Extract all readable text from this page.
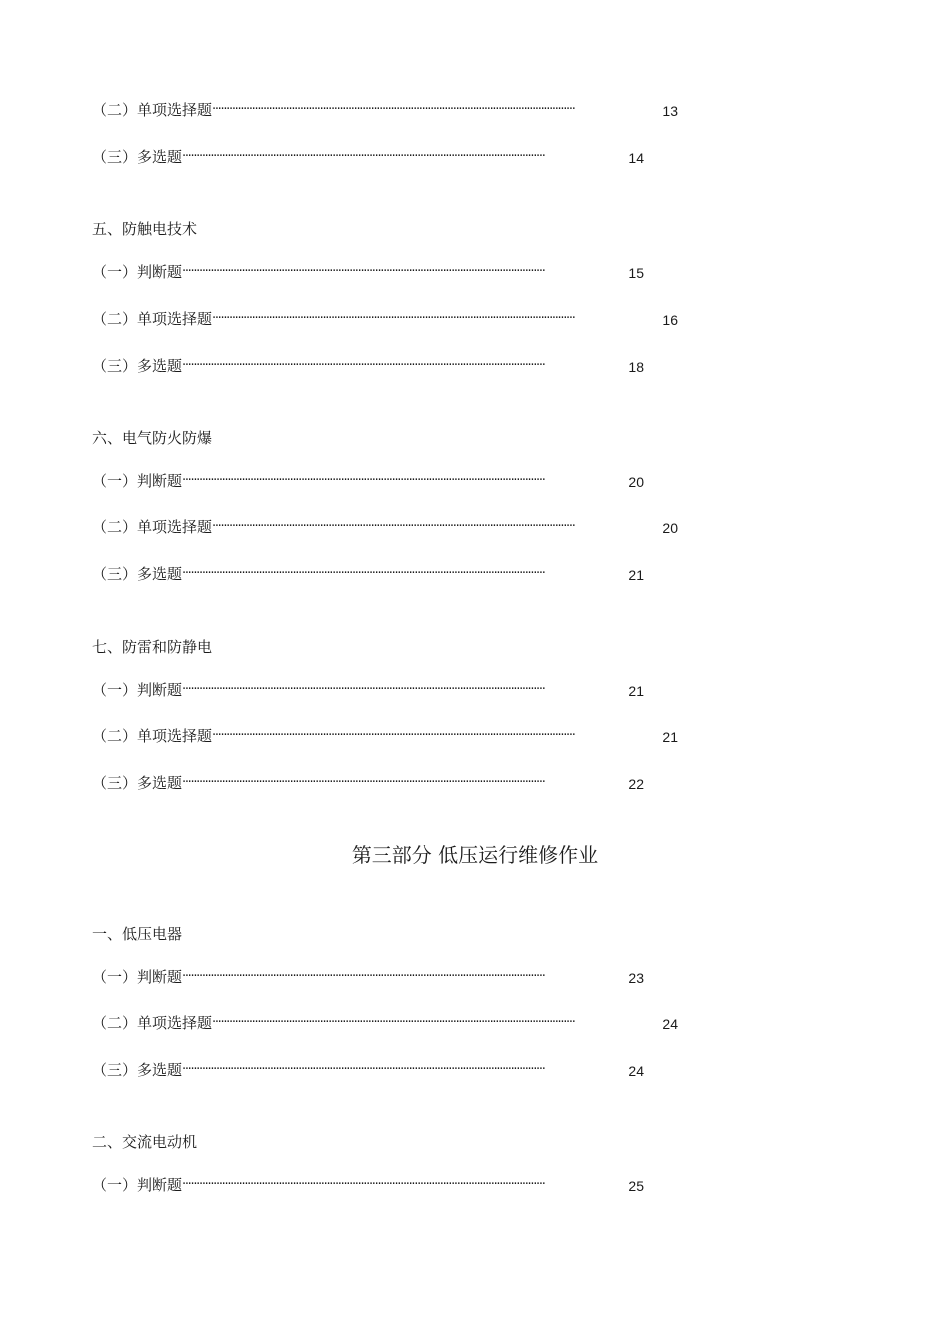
（二）单项选择题································································································································	13
（三）多选题································································································································	14
五、防触电技术
（一）判断题································································································································	15
（二）单项选择题································································································································	16
（三）多选题································································································································	18
六、电气防火防爆
（一）判断题································································································································	20
（二）单项选择题································································································································	20
（三）多选题································································································································	21
七、防雷和防静电
（一）判断题································································································································	21
（二）单项选择题································································································································	21
（三）多选题································································································································	22
第三部分 低压运行维修作业
一、低压电器
（一）判断题································································································································	23
（二）单项选择题································································································································	24
（三）多选题································································································································	24
二、交流电动机
（一）判断题································································································································	25
